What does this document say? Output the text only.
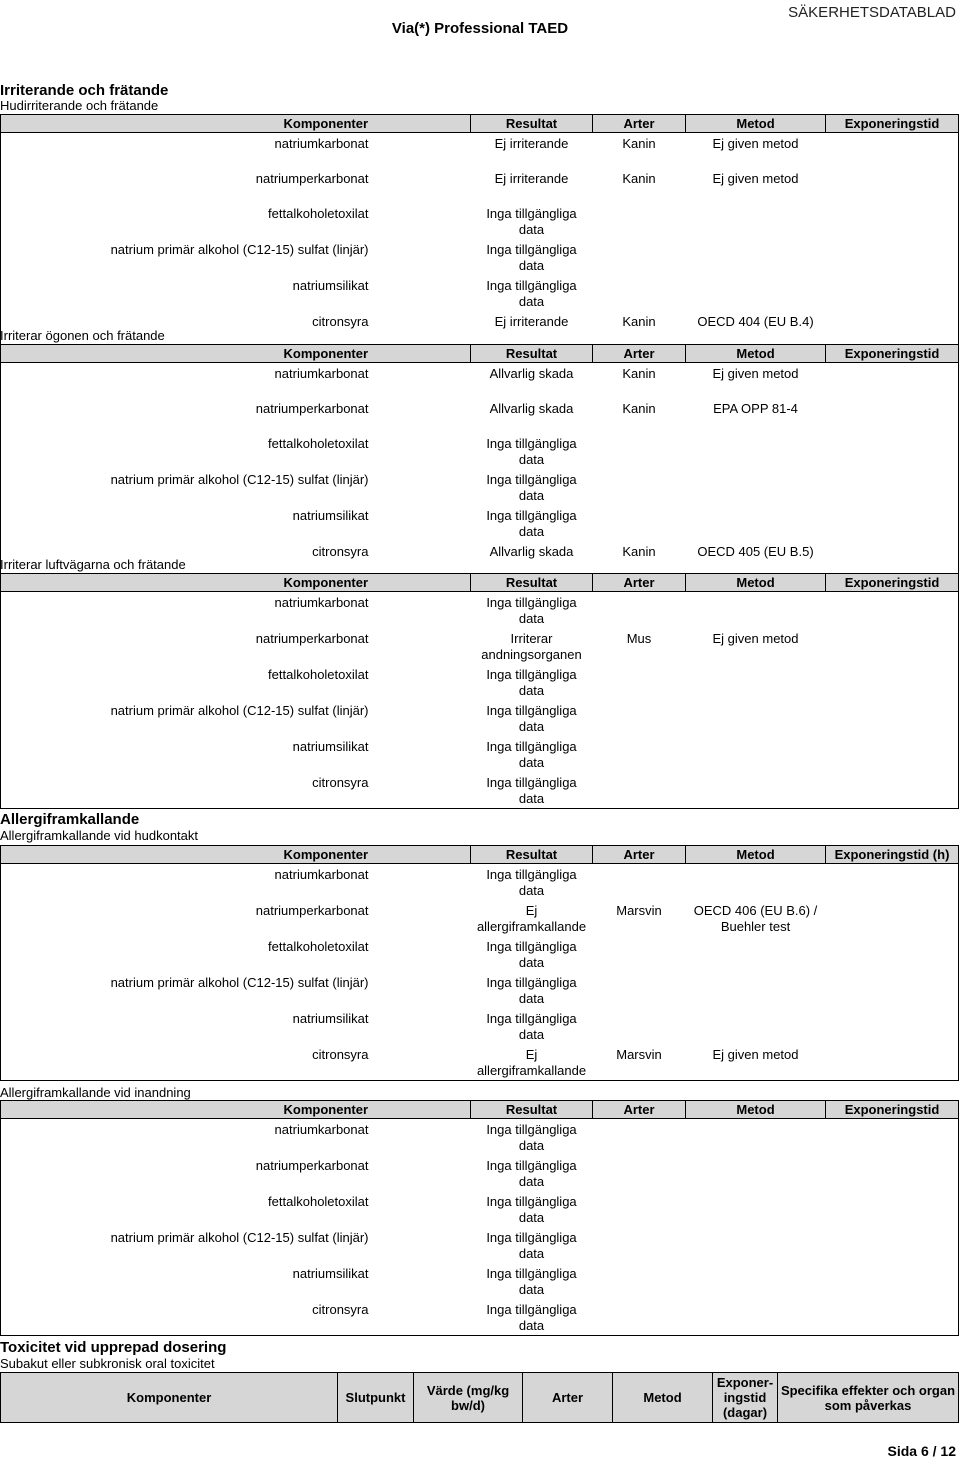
Via(*) Professional TAED
SÄKERHETSDATABLAD
Irriterande och frätande
Hudirriterande och frätande
Komponenter	Resultat	Arter	Metod	Exponeringstid
natriumkarbonat	Ej irriterande	Kanin	Ej given metod	
natriumperkarbonat	Ej irriterande	Kanin	Ej given metod	
fettalkoholetoxilat	Inga tillgängliga data			
natrium primär alkohol (C12-15) sulfat (linjär)	Inga tillgängliga data			
natriumsilikat	Inga tillgängliga data			
citronsyra	Ej irriterande	Kanin	OECD 404 (EU B.4)	
Irriterar ögonen och frätande
Komponenter	Resultat	Arter	Metod	Exponeringstid
natriumkarbonat	Allvarlig skada	Kanin	Ej given metod	
natriumperkarbonat	Allvarlig skada	Kanin	EPA OPP 81-4	
fettalkoholetoxilat	Inga tillgängliga data			
natrium primär alkohol (C12-15) sulfat (linjär)	Inga tillgängliga data			
natriumsilikat	Inga tillgängliga data			
citronsyra	Allvarlig skada	Kanin	OECD 405 (EU B.5)	
Irriterar luftvägarna och frätande
Komponenter	Resultat	Arter	Metod	Exponeringstid
natriumkarbonat	Inga tillgängliga data			
natriumperkarbonat	Irriterar andningsorganen	Mus	Ej given metod	
fettalkoholetoxilat	Inga tillgängliga data			
natrium primär alkohol (C12-15) sulfat (linjär)	Inga tillgängliga data			
natriumsilikat	Inga tillgängliga data			
citronsyra	Inga tillgängliga data			
Allergiframkallande
Allergiframkallande vid hudkontakt
Komponenter	Resultat	Arter	Metod	Exponeringstid (h)
natriumkarbonat	Inga tillgängliga data			
natriumperkarbonat	Ej allergiframkallande	Marsvin	OECD 406 (EU B.6) / Buehler test	
fettalkoholetoxilat	Inga tillgängliga data			
natrium primär alkohol (C12-15) sulfat (linjär)	Inga tillgängliga data			
natriumsilikat	Inga tillgängliga data			
citronsyra	Ej allergiframkallande	Marsvin	Ej given metod	
Allergiframkallande vid inandning
Komponenter	Resultat	Arter	Metod	Exponeringstid
natriumkarbonat	Inga tillgängliga data			
natriumperkarbonat	Inga tillgängliga data			
fettalkoholetoxilat	Inga tillgängliga data			
natrium primär alkohol (C12-15) sulfat (linjär)	Inga tillgängliga data			
natriumsilikat	Inga tillgängliga data			
citronsyra	Inga tillgängliga data			
Toxicitet vid upprepad dosering
Subakut eller subkronisk oral toxicitet
Komponenter	Slutpunkt	Värde (mg/kg bw/d)	Arter	Metod	Exponer-ingstid (dagar)	Specifika effekter och organ som påverkas
Sida 6 / 12
